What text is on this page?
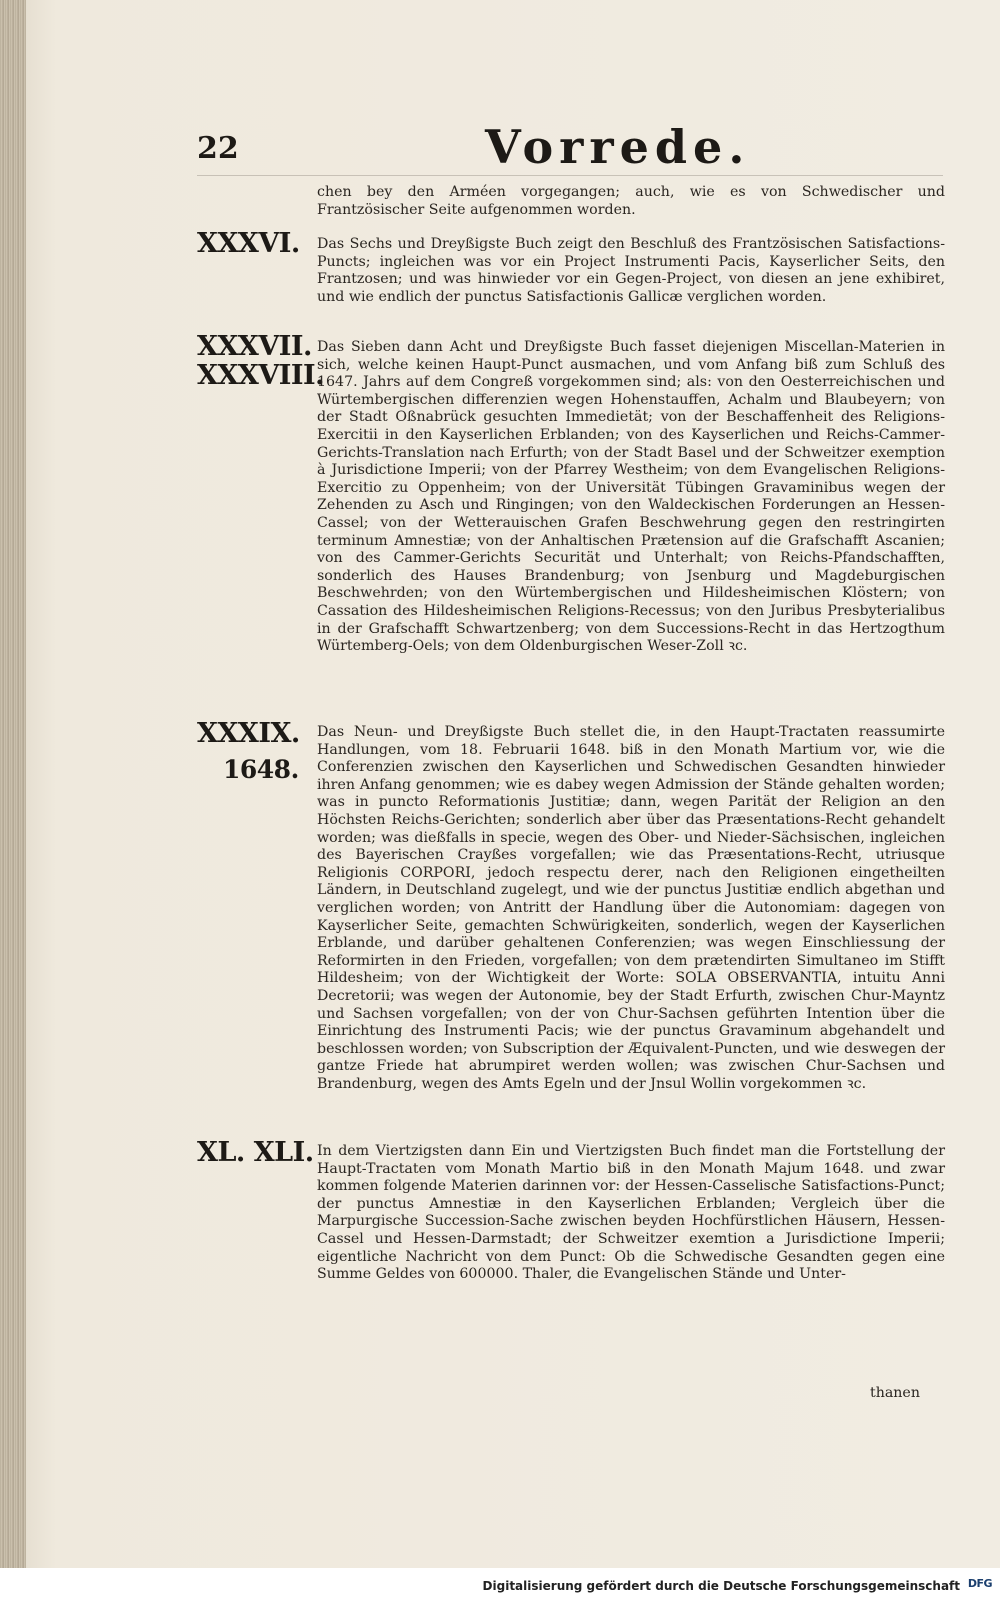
22	Vorrede.

chen bey den Arméen vorgegangen; auch, wie es von Schwedischer und Frantzösischer Seite aufgenommen worden.

XXXVI. Das Sechs und Dreyßigste Buch zeigt den Beschluß des Frantzösischen Satisfactions-Puncts; ingleichen was vor ein Project Instrumenti Pacis, Kayserlicher Seits, den Frantzosen; und was hinwieder vor ein Gegen-Project, von diesen an jene exhibiret, und wie endlich der punctus Satisfactionis Gallicæ verglichen worden.

XXXVII.
XXXVIII.

Das Sieben dann Acht und Dreyßigste Buch fasset diejenigen Miscellan-Materien in sich, welche keinen Haupt-Punct ausmachen, und vom Anfang biß zum Schluß des 1647. Jahrs auf dem Congreß vorgekommen sind; als: von den Oesterreichischen und Würtembergischen differenzien wegen Hohenstauffen, Achalm und Blaubeyern; von der Stadt Oßnabrück gesuchten Immedietät; von der Beschaffenheit des Religions-Exercitii in den Kayserlichen Erblanden; von des Kayserlichen und Reichs-Cammer-Gerichts-Translation nach Erfurth; von der Stadt Basel und der Schweitzer exemption à Jurisdictione Imperii; von der Pfarrey Westheim; von dem Evangelischen Religions-Exercitio zu Oppenheim; von der Universität Tübingen Gravaminibus wegen der Zehenden zu Asch und Ringingen; von den Waldeckischen Forderungen an Hessen-Cassel; von der Wetterauischen Grafen Beschwehrung gegen den restringirten terminum Amnestiæ; von der Anhaltischen Prætension auf die Grafschafft Ascanien; von des Cammer-Gerichts Securität und Unterhalt; von Reichs-Pfandschafften, sonderlich des Hauses Brandenburg; von Jsenburg und Magdeburgischen Beschwehrden; von den Würtembergischen und Hildesheimischen Klöstern; von Cassation des Hildesheimischen Religions-Recessus; von den Juribus Presbyterialibus in der Grafschafft Schwartzenberg; von dem Successions-Recht in das Hertzogthum Würtemberg-Oels; von dem Oldenburgischen Weser-Zoll ꝛc.

XXXIX.
1648.

Das Neun- und Dreyßigste Buch stellet die, in den Haupt-Tractaten reassumirte Handlungen, vom 18. Februarii 1648. biß in den Monath Martium vor, wie die Conferenzien zwischen den Kayserlichen und Schwedischen Gesandten hinwieder ihren Anfang genommen; wie es dabey wegen Admission der Stände gehalten worden; was in puncto Reformationis Justitiæ; dann, wegen Parität der Religion an den Höchsten Reichs-Gerichten; sonderlich aber über das Præsentations-Recht gehandelt worden; was dießfalls in specie, wegen des Ober- und Nieder-Sächsischen, ingleichen des Bayerischen Crayßes vorgefallen; wie das Præsentations-Recht, utriusque Religionis CORPORI, jedoch respectu derer, nach den Religionen eingetheilten Ländern, in Deutschland zugelegt, und wie der punctus Justitiæ endlich abgethan und verglichen worden; von Antritt der Handlung über die Autonomiam: dagegen von Kayserlicher Seite, gemachten Schwürigkeiten, sonderlich, wegen der Kayserlichen Erblande, und darüber gehaltenen Conferenzien; was wegen Einschliessung der Reformirten in den Frieden, vorgefallen; von dem prætendirten Simultaneo im Stifft Hildesheim; von der Wichtigkeit der Worte: SOLA OBSERVANTIA, intuitu Anni Decretorii; was wegen der Autonomie, bey der Stadt Erfurth, zwischen Chur-Mayntz und Sachsen vorgefallen; von der von Chur-Sachsen geführten Intention über die Einrichtung des Instrumenti Pacis; wie der punctus Gravaminum abgehandelt und beschlossen worden; von Subscription der Æquivalent-Puncten, und wie deswegen der gantze Friede hat abrumpiret werden wollen; was zwischen Chur-Sachsen und Brandenburg, wegen des Amts Egeln und der Jnsul Wollin vorgekommen ꝛc.

XL. XLI. In dem Viertzigsten dann Ein und Viertzigsten Buch findet man die Fortstellung der Haupt-Tractaten vom Monath Martio biß in den Monath Majum 1648. und zwar kommen folgende Materien darinnen vor: der Hessen-Casselische Satisfactions-Punct; der punctus Amnestiæ in den Kayserlichen Erblanden; Vergleich über die Marpurgische Succession-Sache zwischen beyden Hochfürstlichen Häusern, Hessen-Cassel und Hessen-Darmstadt; der Schweitzer exemtion a Jurisdictione Imperii; eigentliche Nachricht von dem Punct: Ob die Schwedische Gesandten gegen eine Summe Geldes von 600000. Thaler, die Evangelischen Stände und Unter-

thanen

Digitalisierung gefördert durch die Deutsche Forschungsgemeinschaft DFG
